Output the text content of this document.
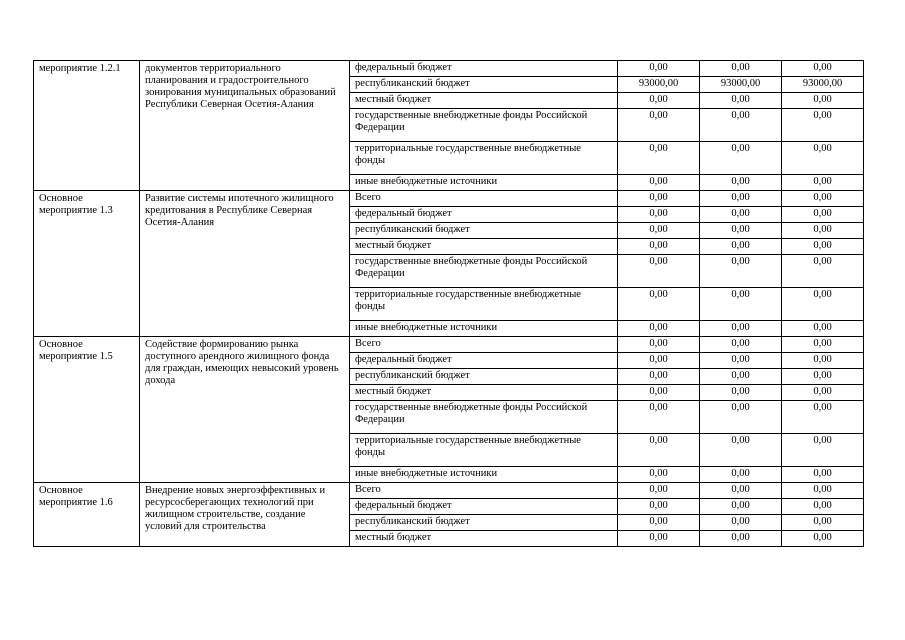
мероприятие 1.2.1	документов территориального планирования и градостроительного зонирования муниципальных образований Республики Северная Осетия-Алания	федеральный бюджет	0,00	0,00	0,00
		республиканский бюджет	93000,00	93000,00	93000,00
		местный бюджет	0,00	0,00	0,00
		государственные внебюджетные фонды Российской Федерации	0,00	0,00	0,00
		территориальные государственные внебюджетные фонды	0,00	0,00	0,00
		иные внебюджетные источники	0,00	0,00	0,00
Основное мероприятие 1.3	Развитие системы ипотечного жилищного кредитования в Республике Северная Осетия-Алания	Всего	0,00	0,00	0,00
		федеральный бюджет	0,00	0,00	0,00
		республиканский бюджет	0,00	0,00	0,00
		местный бюджет	0,00	0,00	0,00
		государственные внебюджетные фонды Российской Федерации	0,00	0,00	0,00
		территориальные государственные внебюджетные фонды	0,00	0,00	0,00
		иные внебюджетные источники	0,00	0,00	0,00
Основное мероприятие 1.5	Содействие формированию рынка доступного арендного жилищного фонда для граждан, имеющих невысокий уровень дохода	Всего	0,00	0,00	0,00
		федеральный бюджет	0,00	0,00	0,00
		республиканский бюджет	0,00	0,00	0,00
		местный бюджет	0,00	0,00	0,00
		государственные внебюджетные фонды Российской Федерации	0,00	0,00	0,00
		территориальные государственные внебюджетные фонды	0,00	0,00	0,00
		иные внебюджетные источники	0,00	0,00	0,00
Основное мероприятие 1.6	Внедрение новых энергоэффективных и ресурсосберегающих технологий при жилищном строительстве, создание условий для строительства	Всего	0,00	0,00	0,00
		федеральный бюджет	0,00	0,00	0,00
		республиканский бюджет	0,00	0,00	0,00
		местный бюджет	0,00	0,00	0,00
